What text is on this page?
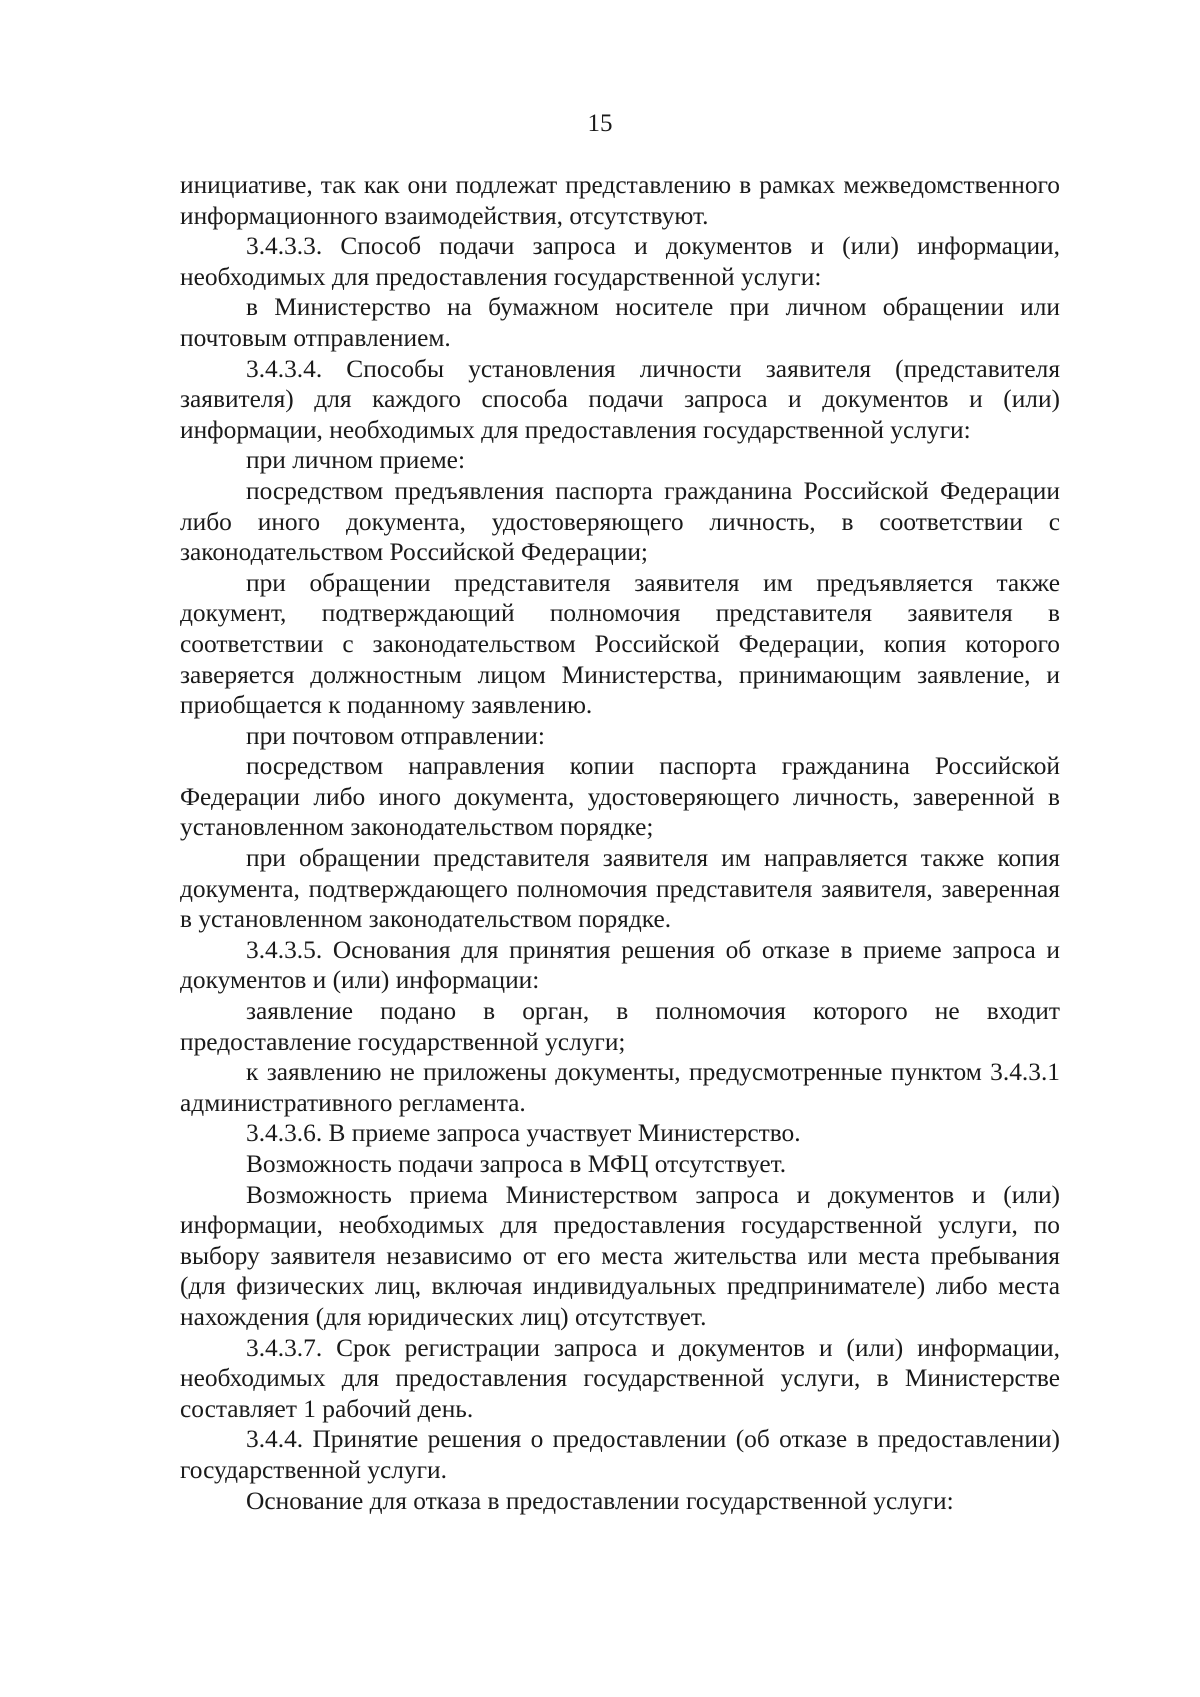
15

инициативе, так как они подлежат представлению в рамках межведомственного информационного взаимодействия, отсутствуют.

3.4.3.3. Способ подачи запроса и документов и (или) информации, необходимых для предоставления государственной услуги:

в Министерство на бумажном носителе при личном обращении или почтовым отправлением.

3.4.3.4. Способы установления личности заявителя (представителя заявителя) для каждого способа подачи запроса и документов и (или) информации, необходимых для предоставления государственной услуги:

при личном приеме:

посредством предъявления паспорта гражданина Российской Федерации либо иного документа, удостоверяющего личность, в соответствии с законодательством Российской Федерации;

при обращении представителя заявителя им предъявляется также документ, подтверждающий полномочия представителя заявителя в соответствии с законодательством Российской Федерации, копия которого заверяется должностным лицом Министерства, принимающим заявление, и приобщается к поданному заявлению.

при почтовом отправлении:

посредством направления копии паспорта гражданина Российской Федерации либо иного документа, удостоверяющего личность, заверенной в установленном законодательством порядке;

при обращении представителя заявителя им направляется также копия документа, подтверждающего полномочия представителя заявителя, заверенная в установленном законодательством порядке.

3.4.3.5. Основания для принятия решения об отказе в приеме запроса и документов и (или) информации:

заявление подано в орган, в полномочия которого не входит предоставление государственной услуги;

к заявлению не приложены документы, предусмотренные пунктом 3.4.3.1 административного регламента.

3.4.3.6. В приеме запроса участвует Министерство.

Возможность подачи запроса в МФЦ отсутствует.

Возможность приема Министерством запроса и документов и (или) информации, необходимых для предоставления государственной услуги, по выбору заявителя независимо от его места жительства или места пребывания (для физических лиц, включая индивидуальных предпринимателе) либо места нахождения (для юридических лиц) отсутствует.

3.4.3.7. Срок регистрации запроса и документов и (или) информации, необходимых для предоставления государственной услуги, в Министерстве составляет 1 рабочий день.

3.4.4. Принятие решения о предоставлении (об отказе в предоставлении) государственной услуги.

Основание для отказа в предоставлении государственной услуги:
